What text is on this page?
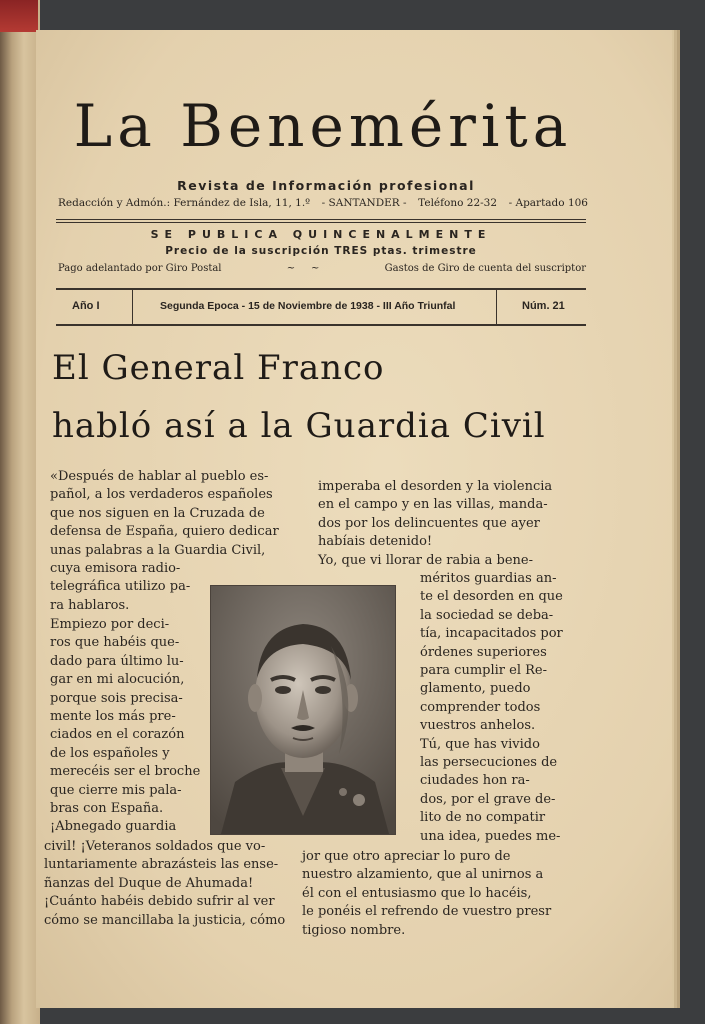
La Benemérita
Revista de Información profesional
Redacción y Admón.: Fernández de Isla, 11, 1.º - SANTANDER - Teléfono 22-32 - Apartado 106
SE PUBLICA QUINCENALMENTE
Precio de la suscripción TRES ptas. trimestre
Pago adelantado por Giro Postal	~     ~	Gastos de Giro de cuenta del suscriptor
Año I	Segunda Epoca - 15 de Noviembre de 1938 - III Año Triunfal	Núm. 21
El General Franco
habló así a la Guardia Civil
«Después de hablar al pueblo es-
pañol, a los verdaderos españoles
que nos siguen en la Cruzada de
defensa de España, quiero dedicar
unas palabras a la Guardia Civil,
cuya emisora radio-
telegráfica utilizo pa-
ra hablaros.
Empiezo por deci-
ros que habéis que-
dado para último lu-
gar en mi alocución,
porque sois precisa-
mente los más pre-
ciados en el corazón
de los españoles y
merecéis ser el broche
que cierre mis pala-
bras con España.
¡Abnegado guardia
civil! ¡Veteranos soldados que vo-
luntariamente abrazásteis las ense-
ñanzas del Duque de Ahumada!
¡Cuánto habéis debido sufrir al ver
cómo se mancillaba la justicia, cómo
imperaba el desorden y la violencia
en el campo y en las villas, manda-
dos por los delincuentes que ayer
habíais detenido!
Yo, que vi llorar de rabia a bene-
méritos guardias an-
te el desorden en que
la sociedad se deba-
tía, incapacitados por
órdenes superiores
para cumplir el Re-
glamento, puedo
comprender todos
vuestros anhelos.
Tú, que has vivido
las persecuciones de
ciudades hon ra-
dos, por el grave de-
lito de no compatir
una idea, puedes me-
jor que otro apreciar lo puro de
nuestro alzamiento, que al unirnos a
él con el entusiasmo que lo hacéis,
le ponéis el refrendo de vuestro presr
tigioso nombre.
